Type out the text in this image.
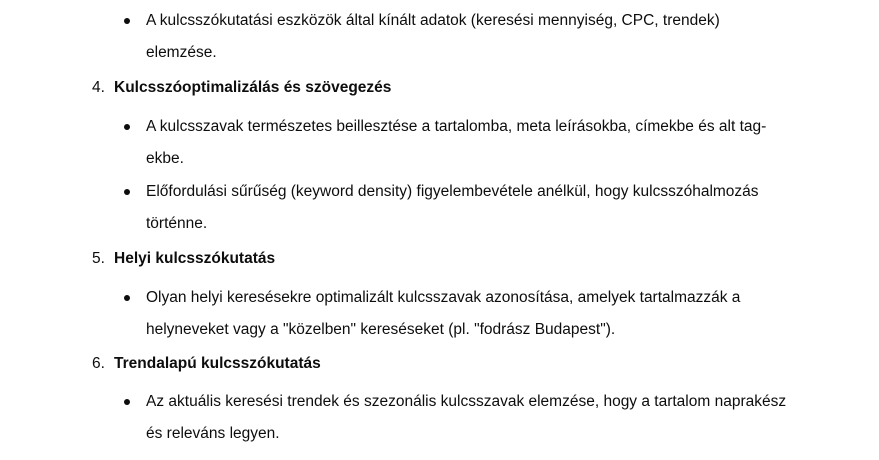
A kulcsszókutatási eszközök által kínált adatok (keresési mennyiség, CPC, trendek)
elemzése.
4. Kulcsszóoptimalizálás és szövegezés
A kulcsszavak természetes beillesztése a tartalomba, meta leírásokba, címekbe és alt tag-
ekbe.
Előfordulási sűrűség (keyword density) figyelembevétele anélkül, hogy kulcsszóhalmozás
történne.
5. Helyi kulcsszókutatás
Olyan helyi keresésekre optimalizált kulcsszavak azonosítása, amelyek tartalmazzák a
helyneveket vagy a "közelben" kereséseket (pl. "fodrász Budapest").
6. Trendalapú kulcsszókutatás
Az aktuális keresési trendek és szezonális kulcsszavak elemzése, hogy a tartalom naprakész
és releváns legyen.
